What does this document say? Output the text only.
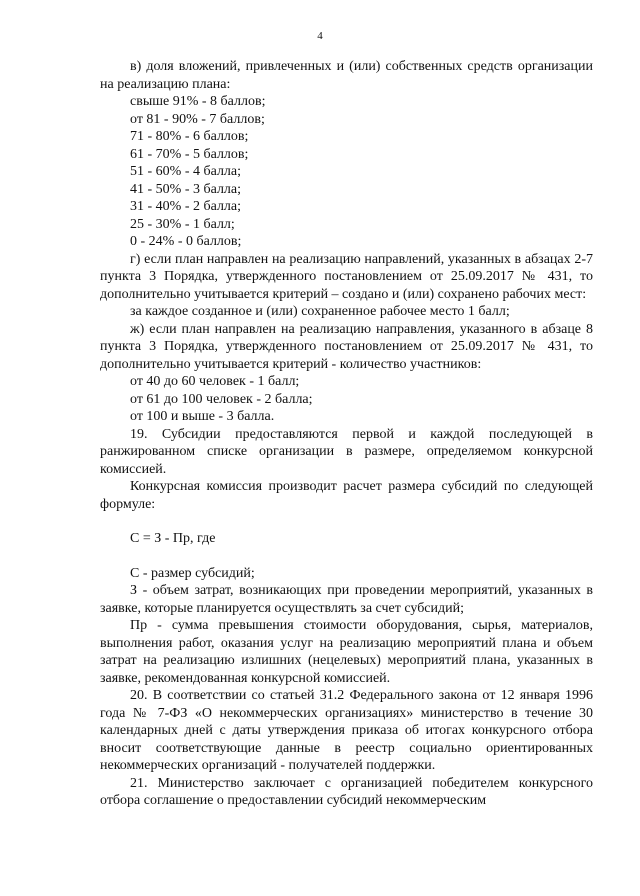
4

в) доля вложений, привлеченных и (или) собственных средств организации на реализацию плана:

свыше 91% - 8 баллов;

от 81 - 90% - 7 баллов;

71 - 80% - 6 баллов;

61 - 70% - 5 баллов;

51 - 60% - 4 балла;

41 - 50% - 3 балла;

31 - 40% - 2 балла;

25 - 30% - 1 балл;

0 - 24% - 0 баллов;

г) если план направлен на реализацию направлений, указанных в абзацах 2-7 пункта 3 Порядка, утвержденного постановлением от 25.09.2017 № 431, то дополнительно учитывается критерий – создано и (или) сохранено рабочих мест:

за каждое созданное и (или) сохраненное рабочее место 1 балл;

ж) если план направлен на реализацию направления, указанного в абзаце 8 пункта 3 Порядка, утвержденного постановлением от 25.09.2017 № 431, то дополнительно учитывается критерий - количество участников:

от 40 до 60 человек - 1 балл;

от 61 до 100 человек - 2 балла;

от 100 и выше - 3 балла.

19. Субсидии предоставляются первой и каждой последующей в ранжированном списке организации в размере, определяемом конкурсной комиссией.

Конкурсная комиссия производит расчет размера субсидий по следующей формуле:

С = З - Пр, где

С - размер субсидий;

З - объем затрат, возникающих при проведении мероприятий, указанных в заявке, которые планируется осуществлять за счет субсидий;

Пр - сумма превышения стоимости оборудования, сырья, материалов, выполнения работ, оказания услуг на реализацию мероприятий плана и объем затрат на реализацию излишних (нецелевых) мероприятий плана, указанных в заявке, рекомендованная конкурсной комиссией.

20. В соответствии со статьей 31.2 Федерального закона от 12 января 1996 года № 7-ФЗ «О некоммерческих организациях» министерство в течение 30 календарных дней с даты утверждения приказа об итогах конкурсного отбора вносит соответствующие данные в реестр социально ориентированных некоммерческих организаций - получателей поддержки.

21. Министерство заключает с организацией победителем конкурсного отбора соглашение о предоставлении субсидий некоммерческим
